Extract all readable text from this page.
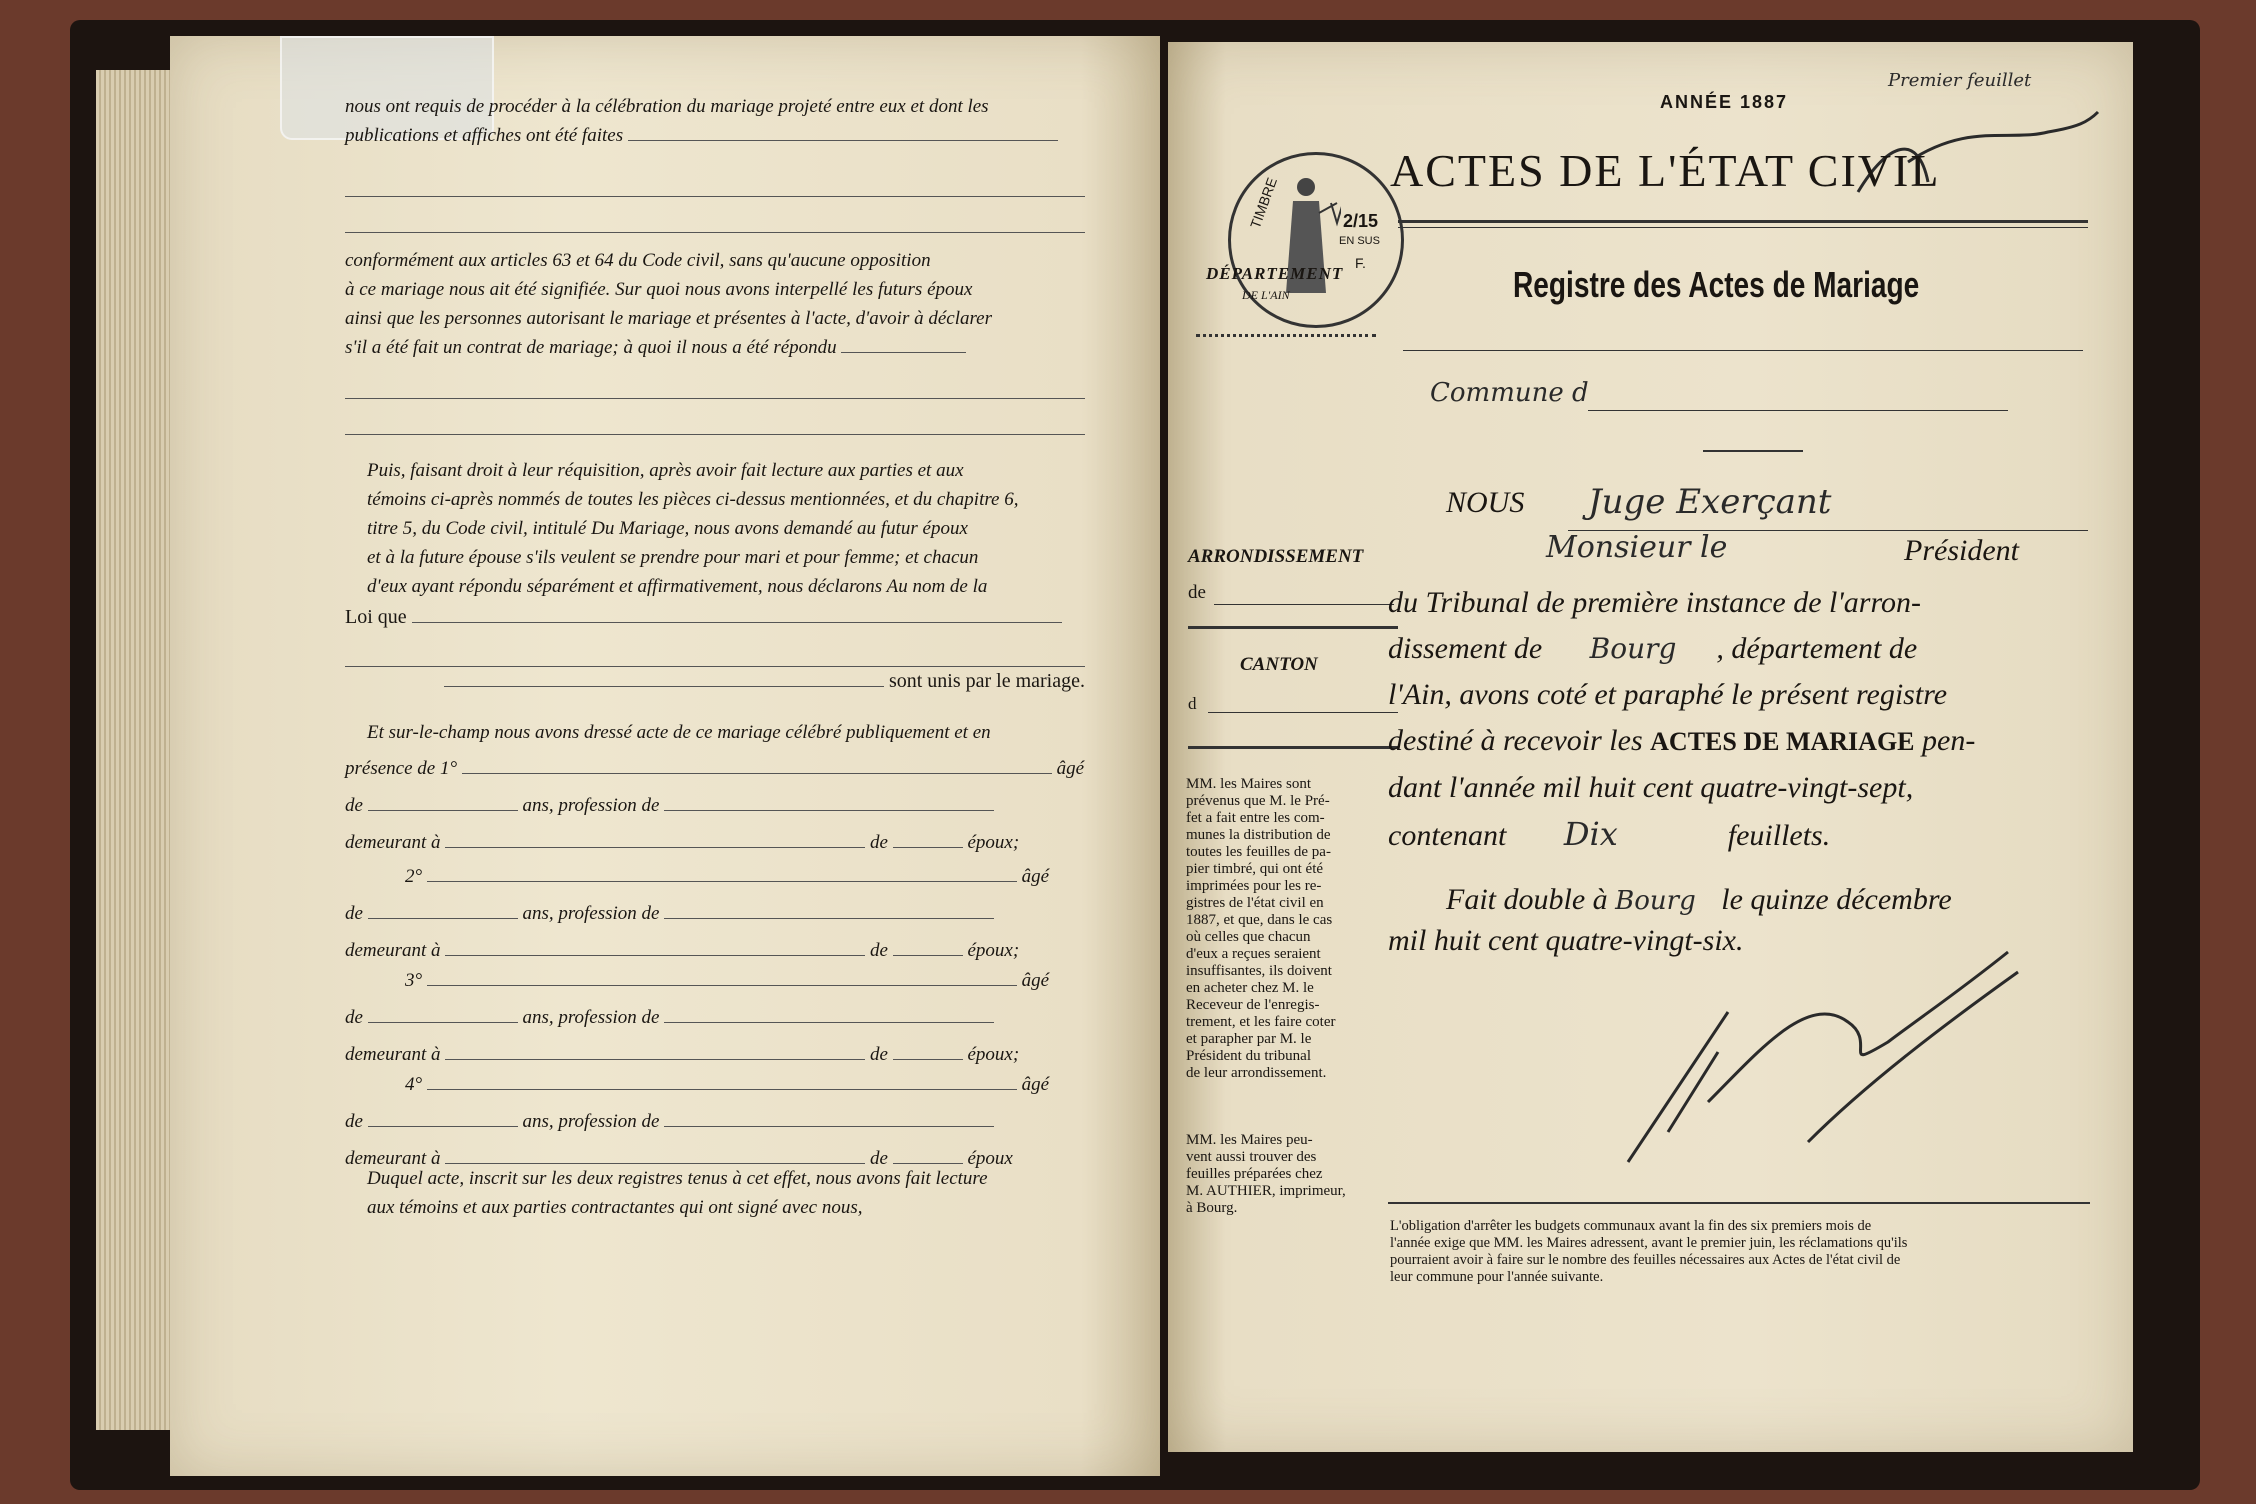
nous ont requis de procéder à la célébration du mariage projeté entre eux et dont les
publications et affiches ont été faites
conformément aux articles 63 et 64 du Code civil, sans qu'aucune opposition
à ce mariage nous ait été signifiée. Sur quoi nous avons interpellé les futurs époux
ainsi que les personnes autorisant le mariage et présentes à l'acte, d'avoir à déclarer
s'il a été fait un contrat de mariage; à quoi il nous a été répondu
Puis, faisant droit à leur réquisition, après avoir fait lecture aux parties et aux
témoins ci-après nommés de toutes les pièces ci-dessus mentionnées, et du chapitre 6,
titre 5, du Code civil, intitulé Du Mariage, nous avons demandé au futur époux
et à la future épouse s'ils veulent se prendre pour mari et pour femme; et chacun
d'eux ayant répondu séparément et affirmativement, nous déclarons Au nom de la
Loi que
sont unis par le mariage.
Et sur-le-champ nous avons dressé acte de ce mariage célébré publiquement et en
présence de 1°	âgé
de	ans, profession de
demeurant à	de	époux;
2°	âgé
de	ans, profession de
demeurant à	de	époux;
3°	âgé
de	ans, profession de
demeurant à	de	époux;
4°	âgé
de	ans, profession de
demeurant à	de	époux
Duquel acte, inscrit sur les deux registres tenus à cet effet, nous avons fait lecture
aux témoins et aux parties contractantes qui ont signé avec nous,
ANNÉE 1887
Premier feuillet
TIMBRE	2/15
EN SUS
F.
DÉPARTEMENT
DE L'AIN
ACTES DE L'ÉTAT CIVIL
Registre des Actes de Mariage
Commune d
ARRONDISSEMENT
de
CANTON
d
MM. les Maires sont
prévenus que M. le Pré-
fet a fait entre les com-
munes la distribution de
toutes les feuilles de pa-
pier timbré, qui ont été
imprimées pour les re-
gistres de l'état civil en
1887, et que, dans le cas
où celles que chacun
d'eux a reçues seraient
insuffisantes, ils doivent
en acheter chez M. le
Receveur de l'enregis-
trement, et les faire coter
et parapher par M. le
Président du tribunal
de leur arrondissement.
MM. les Maires peu-
vent aussi trouver des
feuilles préparées chez
M. AUTHIER, imprimeur,
à Bourg.
NOUS Juge Exerçant
Monsieur le	Président
du Tribunal de première instance de l'arron-
dissement de Bourg , département de
l'Ain, avons coté et paraphé le présent registre
destiné à recevoir les ACTES DE MARIAGE pen-
dant l'année mil huit cent quatre-vingt-sept,
contenant Dix	feuillets.
Fait double à Bourg le quinze décembre
mil huit cent quatre-vingt-six.
L'obligation d'arrêter les budgets communaux avant la fin des six premiers mois de
l'année exige que MM. les Maires adressent, avant le premier juin, les réclamations qu'ils
pourraient avoir à faire sur le nombre des feuilles nécessaires aux Actes de l'état civil de
leur commune pour l'année suivante.
